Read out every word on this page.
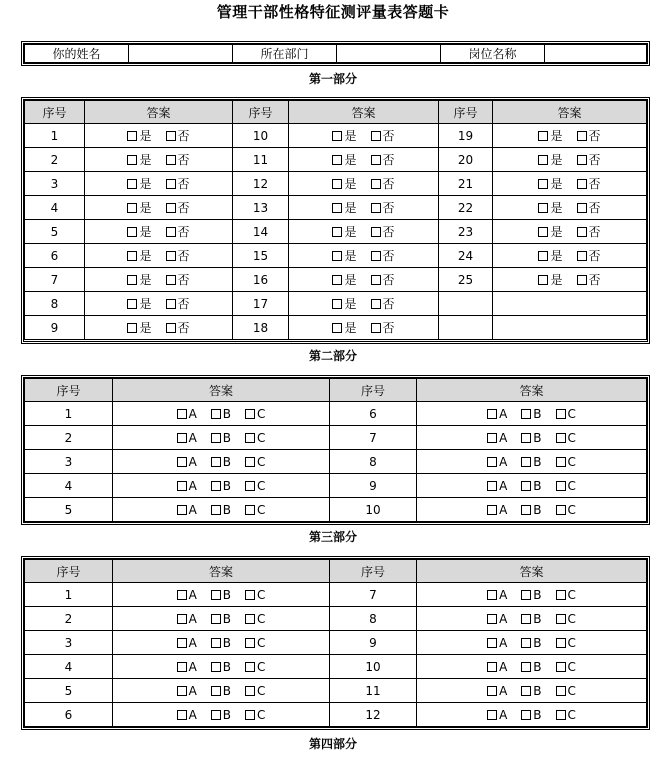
管理干部性格特征测评量表答题卡
你的姓名		所在部门		岗位名称	
第一部分
序号	答案	序号	答案	序号	答案
1	是 否	10	是 否	19	是 否
2	是 否	11	是 否	20	是 否
3	是 否	12	是 否	21	是 否
4	是 否	13	是 否	22	是 否
5	是 否	14	是 否	23	是 否
6	是 否	15	是 否	24	是 否
7	是 否	16	是 否	25	是 否
8	是 否	17	是 否		
9	是 否	18	是 否		
第二部分
序号	答案	序号	答案
1	A B C	6	A B C
2	A B C	7	A B C
3	A B C	8	A B C
4	A B C	9	A B C
5	A B C	10	A B C
第三部分
序号	答案	序号	答案
1	A B C	7	A B C
2	A B C	8	A B C
3	A B C	9	A B C
4	A B C	10	A B C
5	A B C	11	A B C
6	A B C	12	A B C
第四部分
